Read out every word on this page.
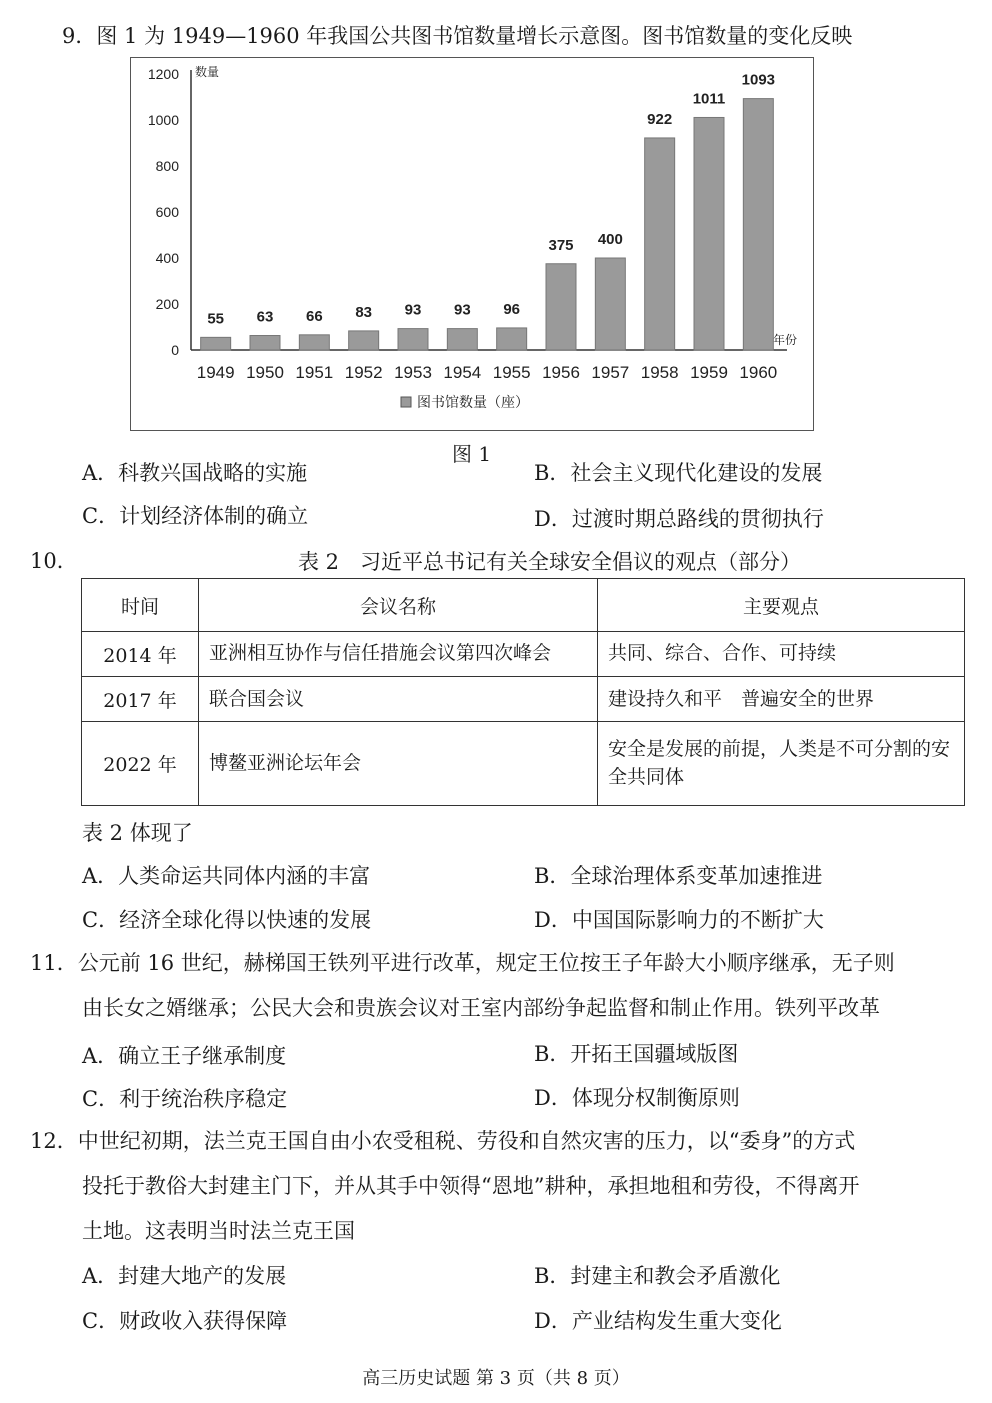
9．图 1 为 1949—1960 年我国公共图书馆数量增长示意图。图书馆数量的变化反映
0
200
400
600
800
1000
1200 数量
年份
55
1949
63
1950
66
1951
83
1952
93
1953
93
1954
96
1955
375
1956
400
1957
922
1958
1011
1959
1093
1960
图书馆数量（座）
图 1
A．科教兴国战略的实施	B．社会主义现代化建设的发展
C．计划经济体制的确立	D．过渡时期总路线的贯彻执行
10．	表 2　习近平总书记有关全球安全倡议的观点（部分）
时间	会议名称	主要观点
2014 年	亚洲相互协作与信任措施会议第四次峰会	共同、综合、合作、可持续
2017 年	联合国会议	建设持久和平　普遍安全的世界
2022 年	博鳌亚洲论坛年会	安全是发展的前提，人类是不可分割的安全共同体
表 2 体现了
A．人类命运共同体内涵的丰富	B．全球治理体系变革加速推进
C．经济全球化得以快速的发展	D．中国国际影响力的不断扩大
11．公元前 16 世纪，赫梯国王铁列平进行改革，规定王位按王子年龄大小顺序继承，无子则
由长女之婿继承；公民大会和贵族会议对王室内部纷争起监督和制止作用。铁列平改革
A．确立王子继承制度	B．开拓王国疆域版图
C．利于统治秩序稳定	D．体现分权制衡原则
12．中世纪初期，法兰克王国自由小农受租税、劳役和自然灾害的压力，以“委身”的方式
投托于教俗大封建主门下，并从其手中领得“恩地”耕种，承担地租和劳役，不得离开
土地。这表明当时法兰克王国
A．封建大地产的发展	B．封建主和教会矛盾激化
C．财政收入获得保障	D．产业结构发生重大变化
高三历史试题 第 3 页（共 8 页）
